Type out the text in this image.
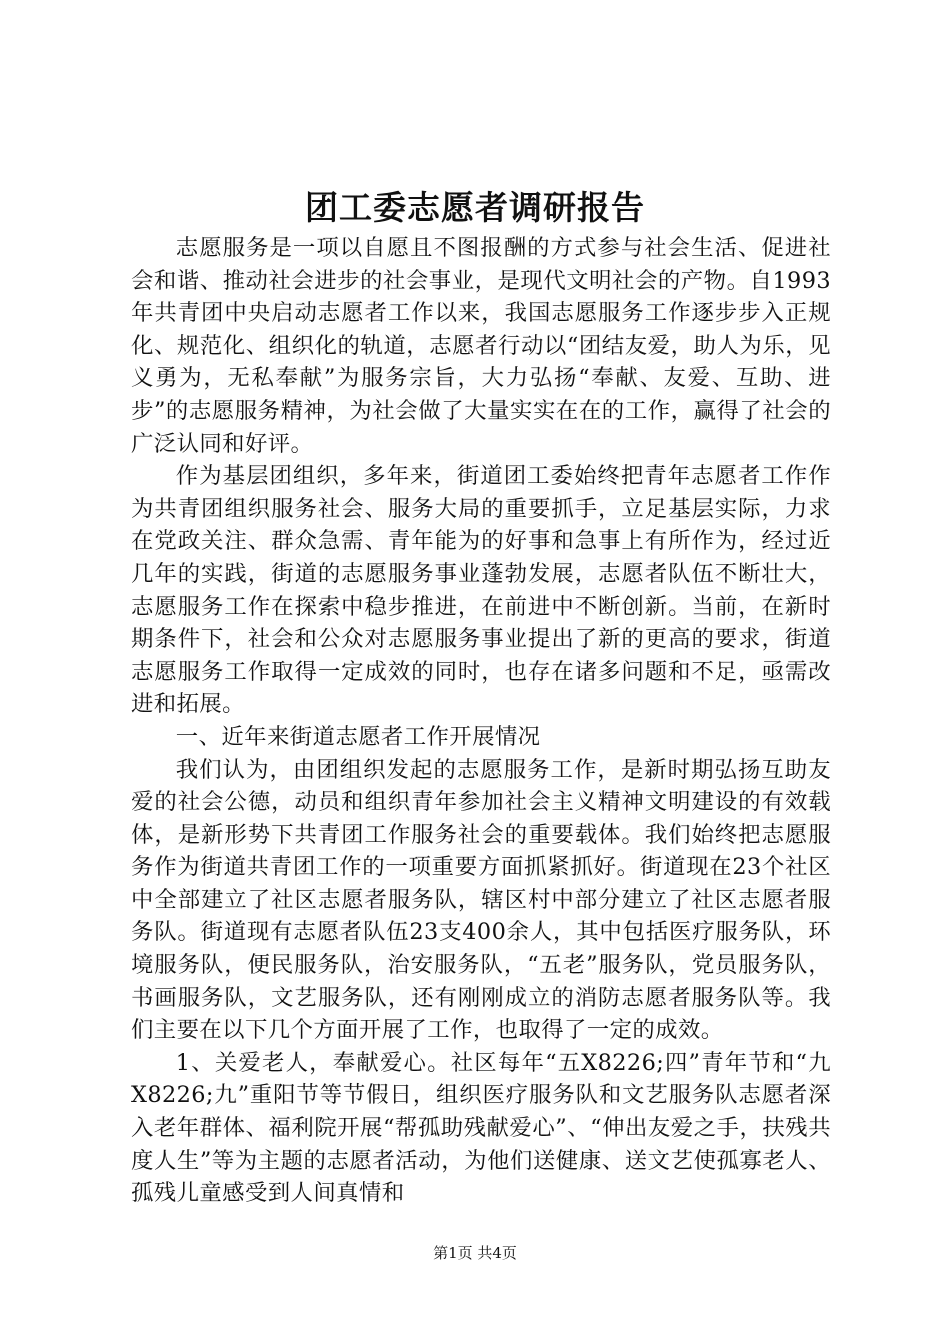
团工委志愿者调研报告

志愿服务是一项以自愿且不图报酬的方式参与社会生活、促进社会和谐、推动社会进步的社会事业，是现代文明社会的产物。自1993年共青团中央启动志愿者工作以来，我国志愿服务工作逐步步入正规化、规范化、组织化的轨道，志愿者行动以“团结友爱，助人为乐，见义勇为，无私奉献”为服务宗旨，大力弘扬“奉献、友爱、互助、进步”的志愿服务精神，为社会做了大量实实在在的工作，赢得了社会的广泛认同和好评。

作为基层团组织，多年来，街道团工委始终把青年志愿者工作作为共青团组织服务社会、服务大局的重要抓手，立足基层实际，力求在党政关注、群众急需、青年能为的好事和急事上有所作为，经过近几年的实践，街道的志愿服务事业蓬勃发展，志愿者队伍不断壮大，志愿服务工作在探索中稳步推进，在前进中不断创新。当前，在新时期条件下，社会和公众对志愿服务事业提出了新的更高的要求，街道志愿服务工作取得一定成效的同时，也存在诸多问题和不足，亟需改进和拓展。

一、近年来街道志愿者工作开展情况

我们认为，由团组织发起的志愿服务工作，是新时期弘扬互助友爱的社会公德，动员和组织青年参加社会主义精神文明建设的有效载体，是新形势下共青团工作服务社会的重要载体。我们始终把志愿服务作为街道共青团工作的一项重要方面抓紧抓好。街道现在23个社区中全部建立了社区志愿者服务队，辖区村中部分建立了社区志愿者服务队。街道现有志愿者队伍23支400余人，其中包括医疗服务队，环境服务队，便民服务队，治安服务队，“五老”服务队，党员服务队，书画服务队，文艺服务队，还有刚刚成立的消防志愿者服务队等。我们主要在以下几个方面开展了工作，也取得了一定的成效。

1、关爱老人，奉献爱心。社区每年“五X8226;四”青年节和“九X8226;九”重阳节等节假日，组织医疗服务队和文艺服务队志愿者深入老年群体、福利院开展“帮孤助残献爱心”、“伸出友爱之手，扶残共度人生”等为主题的志愿者活动，为他们送健康、送文艺使孤寡老人、孤残儿童感受到人间真情和

第1页 共4页
